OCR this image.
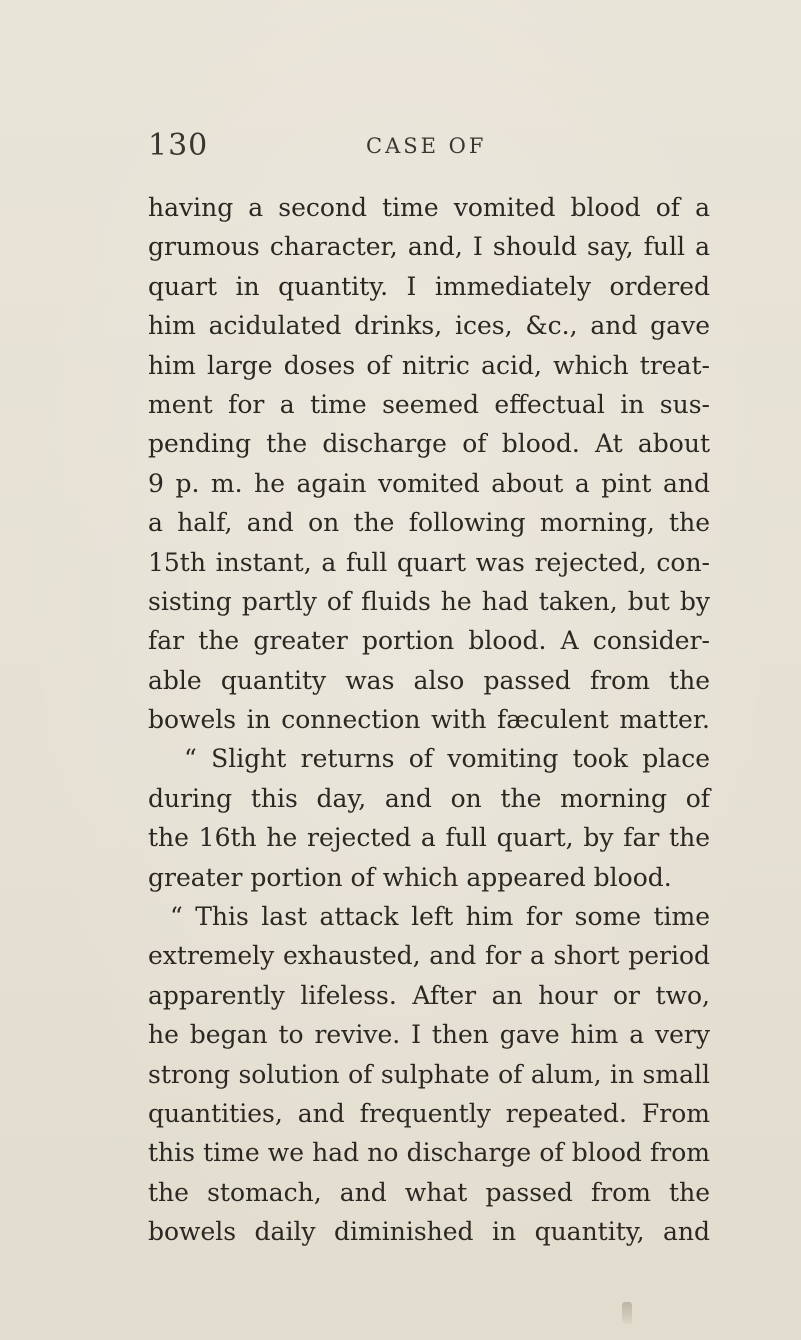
130	CASE OF
having a second time vomited blood of a
grumous character, and, I should say, full a
quart in quantity. I immediately ordered
him acidulated drinks, ices, &c., and gave
him large doses of nitric acid, which treat-
ment for a time seemed effectual in sus-
pending the discharge of blood. At about
9 p. m. he again vomited about a pint and
a half, and on the following morning, the
15th instant, a full quart was rejected, con-
sisting partly of fluids he had taken, but by
far the greater portion blood. A consider-
able quantity was also passed from the
bowels in connection with fæculent matter.
“ Slight returns of vomiting took place
during this day, and on the morning of
the 16th he rejected a full quart, by far the
greater portion of which appeared blood.
“ This last attack left him for some time
extremely exhausted, and for a short period
apparently lifeless. After an hour or two,
he began to revive. I then gave him a very
strong solution of sulphate of alum, in small
quantities, and frequently repeated. From
this time we had no discharge of blood from
the stomach, and what passed from the
bowels daily diminished in quantity, and
